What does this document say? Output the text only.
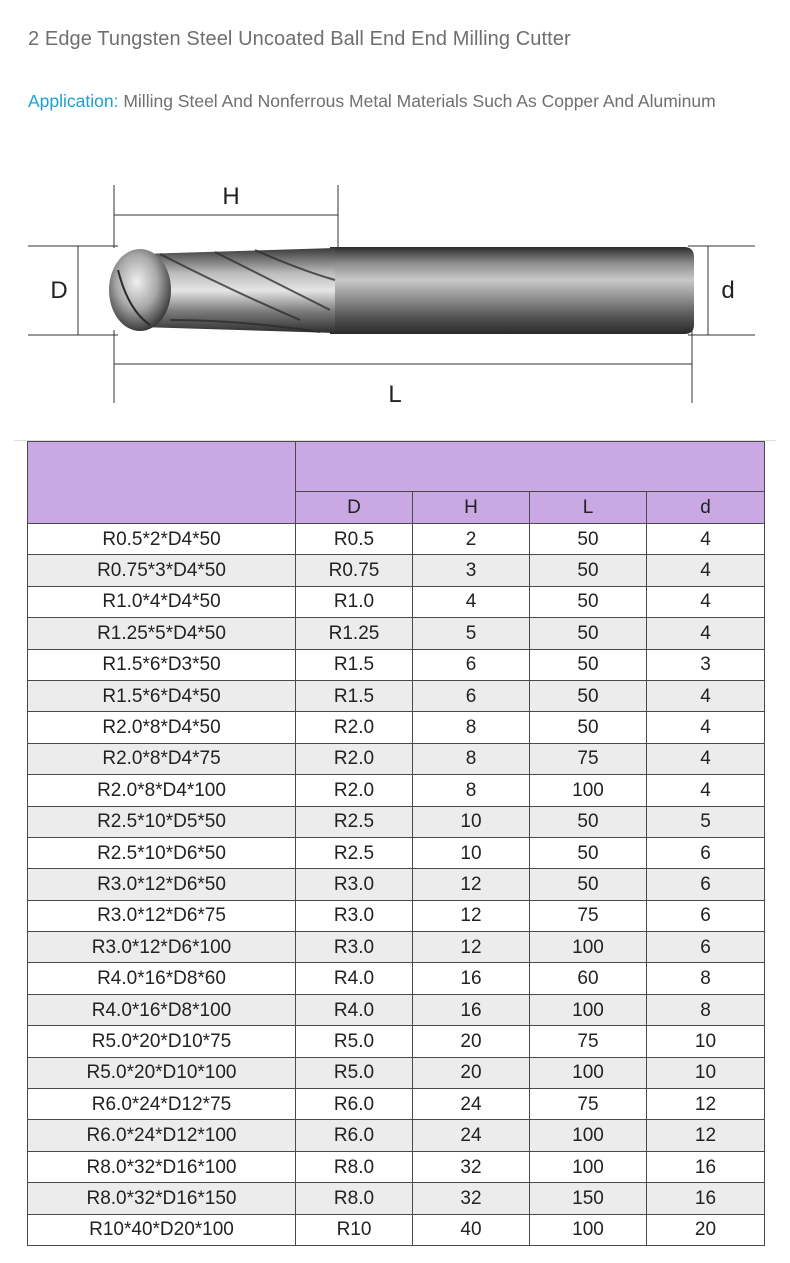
2 Edge Tungsten Steel Uncoated Ball End End Milling Cutter
Application: Milling Steel And Nonferrous Metal Materials Such As Copper And Aluminum
H
D	d
L

	D	H	L	d
R0.5*2*D4*50	R0.5	2	50	4
R0.75*3*D4*50	R0.75	3	50	4
R1.0*4*D4*50	R1.0	4	50	4
R1.25*5*D4*50	R1.25	5	50	4
R1.5*6*D3*50	R1.5	6	50	3
R1.5*6*D4*50	R1.5	6	50	4
R2.0*8*D4*50	R2.0	8	50	4
R2.0*8*D4*75	R2.0	8	75	4
R2.0*8*D4*100	R2.0	8	100	4
R2.5*10*D5*50	R2.5	10	50	5
R2.5*10*D6*50	R2.5	10	50	6
R3.0*12*D6*50	R3.0	12	50	6
R3.0*12*D6*75	R3.0	12	75	6
R3.0*12*D6*100	R3.0	12	100	6
R4.0*16*D8*60	R4.0	16	60	8
R4.0*16*D8*100	R4.0	16	100	8
R5.0*20*D10*75	R5.0	20	75	10
R5.0*20*D10*100	R5.0	20	100	10
R6.0*24*D12*75	R6.0	24	75	12
R6.0*24*D12*100	R6.0	24	100	12
R8.0*32*D16*100	R8.0	32	100	16
R8.0*32*D16*150	R8.0	32	150	16
R10*40*D20*100	R10	40	100	20
